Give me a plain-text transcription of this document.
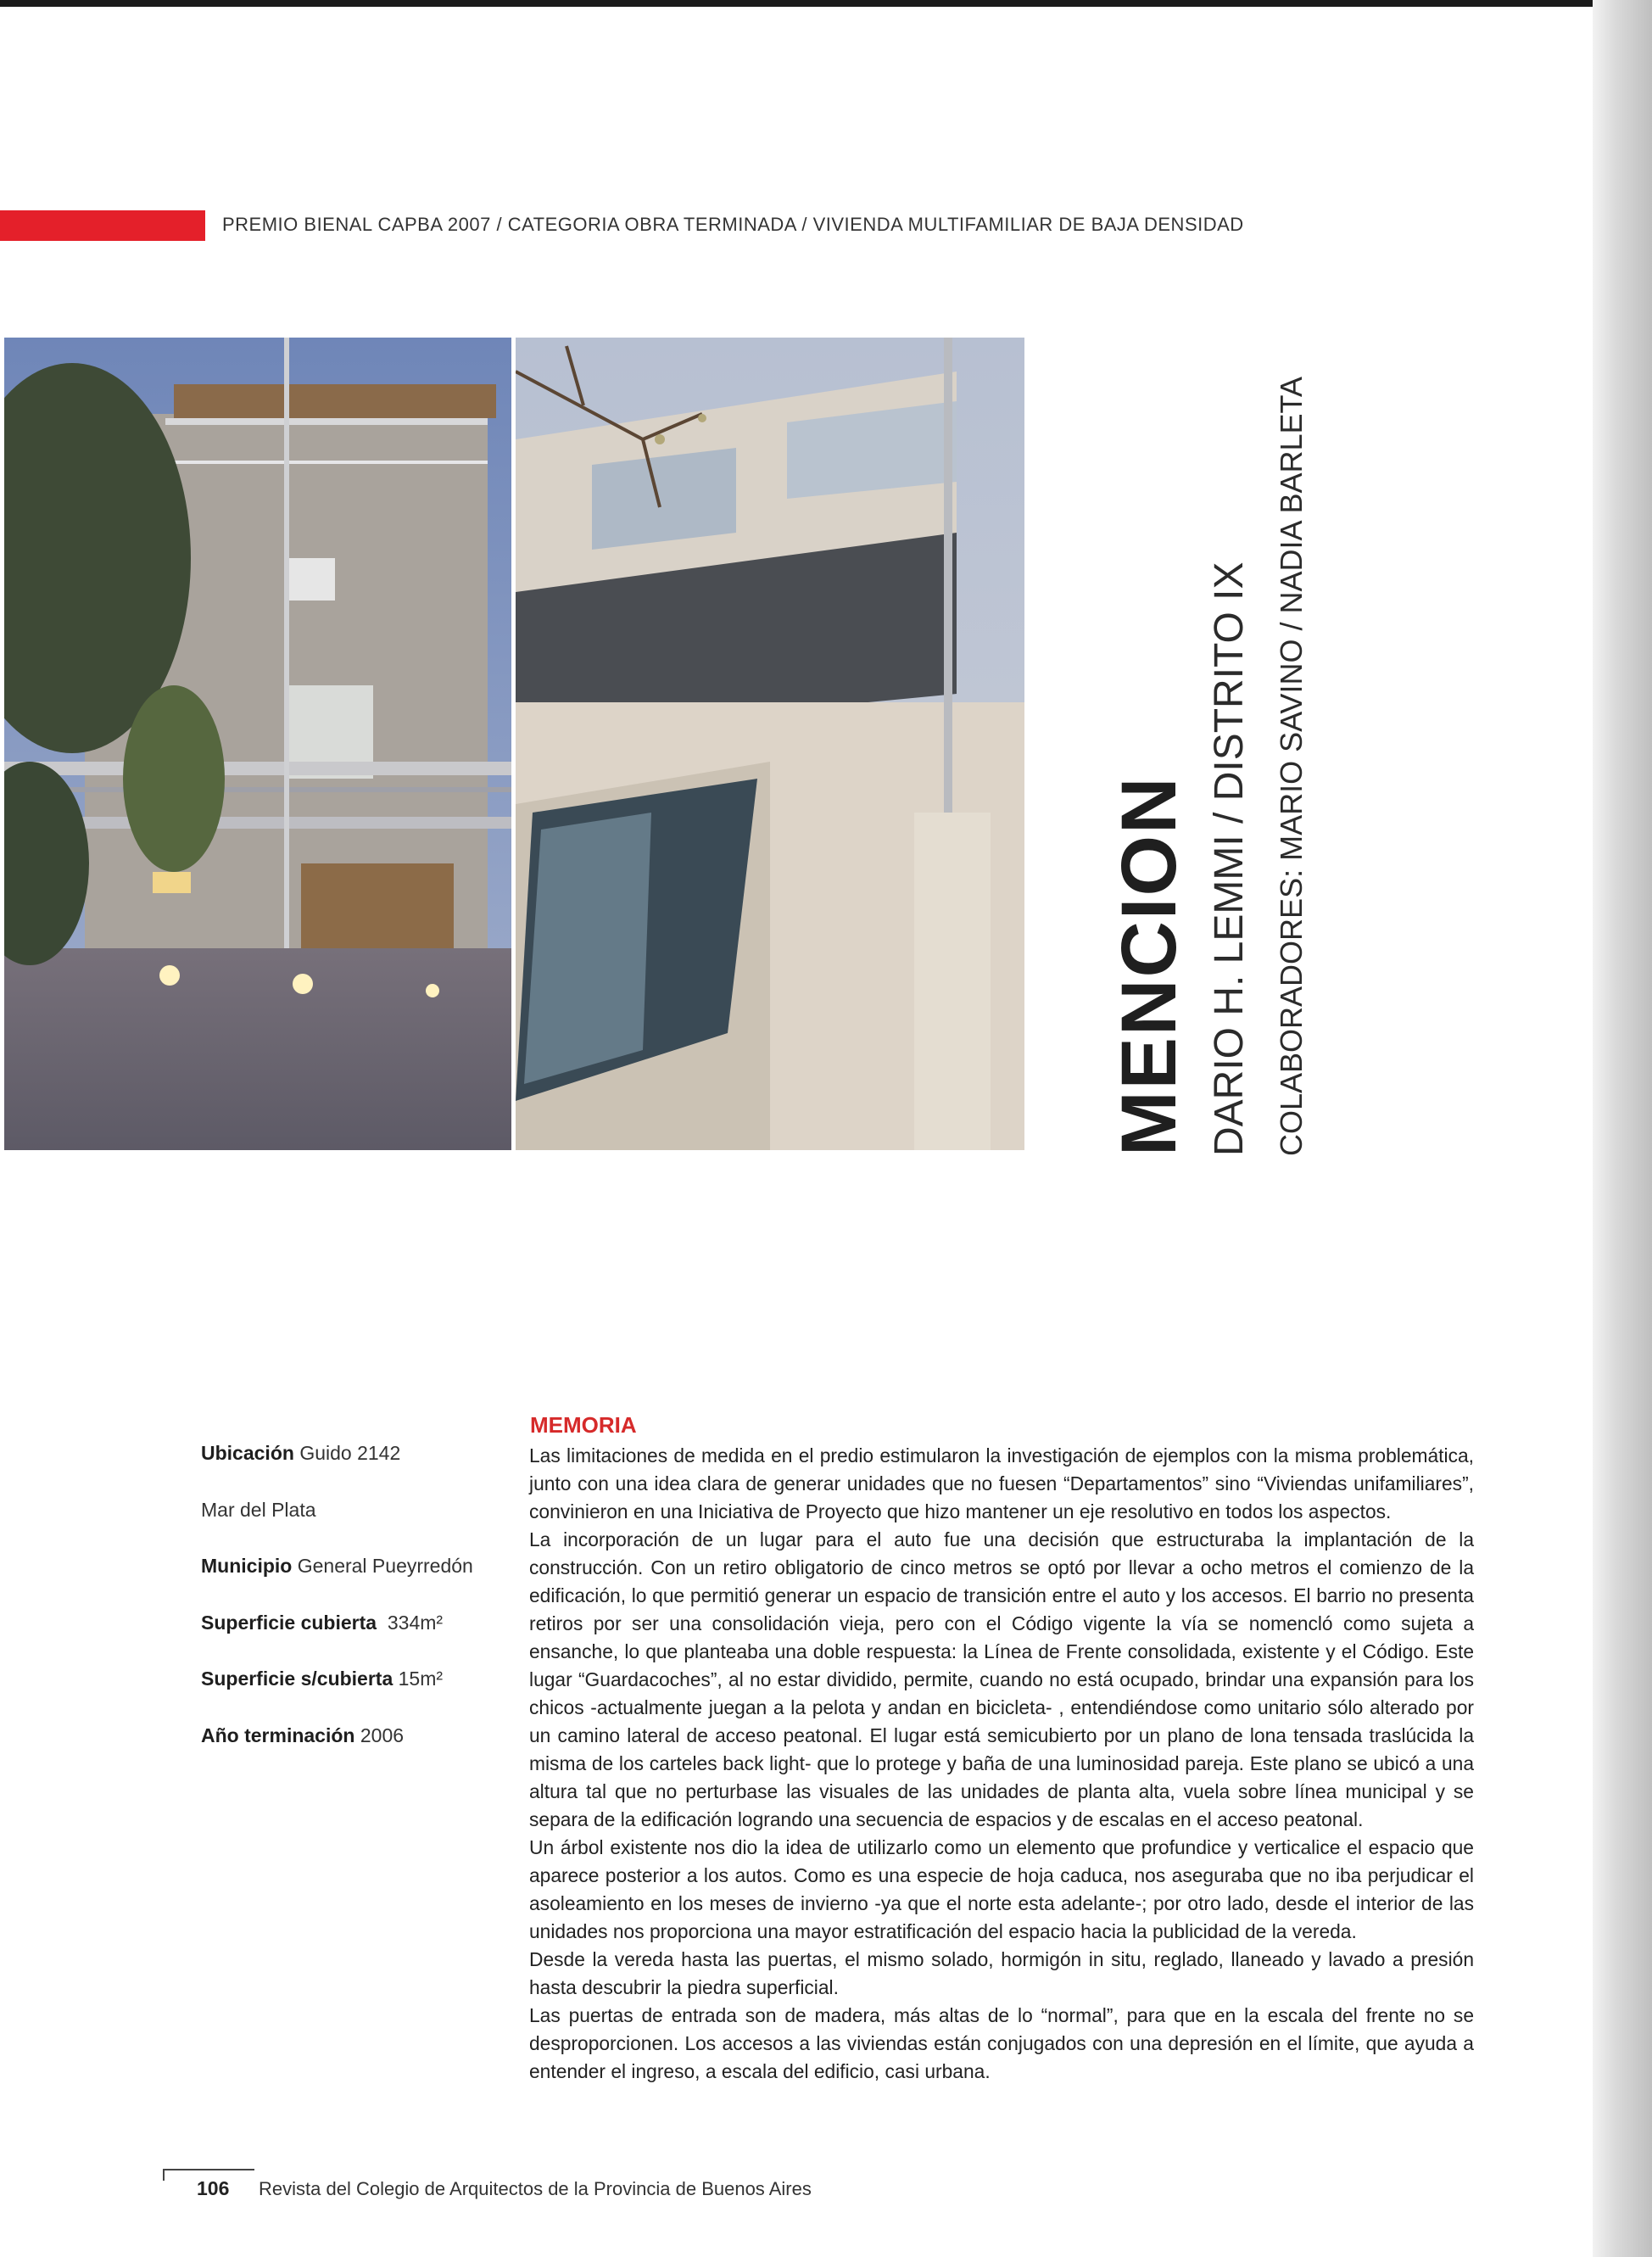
PREMIO BIENAL CAPBA 2007 / CATEGORIA OBRA TERMINADA / VIVIENDA MULTIFAMILIAR DE BAJA DENSIDAD
MENCION DARIO H. LEMMI / DISTRITO IX COLABORADORES: MARIO SAVINO / NADIA BARLETA
Ubicación Guido 2142
Mar del Plata
Municipio General Pueyrredón
Superficie cubierta 334m²
Superficie s/cubierta 15m²
Año terminación 2006
MEMORIA

Las limitaciones de medida en el predio estimularon la investigación de ejemplos con la misma problemática, junto con una idea clara de generar unidades que no fuesen “Departamentos” sino “Viviendas unifamiliares”, convinieron en una Iniciativa de Proyecto que hizo mantener un eje resolutivo en todos los aspectos.

La incorporación de un lugar para el auto fue una decisión que estructuraba la implantación de la construcción. Con un retiro obligatorio de cinco metros se optó por llevar a ocho metros el comienzo de la edificación, lo que permitió generar un espacio de transición entre el auto y los accesos. El barrio no presenta retiros por ser una consolidación vieja, pero con el Código vigente la vía se nomencló como sujeta a ensanche, lo que planteaba una doble respuesta: la Línea de Frente consolidada, existente y el Código. Este lugar “Guardacoches”, al no estar dividido, permite, cuando no está ocupado, brindar una expansión para los chicos -actualmente juegan a la pelota y andan en bicicleta- , entendiéndose como unitario sólo alterado por un camino lateral de acceso peatonal. El lugar está semicubierto por un plano de lona tensada traslúcida la misma de los carteles back light- que lo protege y baña de una luminosidad pareja. Este plano se ubicó a una altura tal que no perturbase las visuales de las unidades de planta alta, vuela sobre línea municipal y se separa de la edificación logrando una secuencia de espacios y de escalas en el acceso peatonal.

Un árbol existente nos dio la idea de utilizarlo como un elemento que profundice y verticalice el espacio que aparece posterior a los autos. Como es una especie de hoja caduca, nos aseguraba que no iba perjudicar el asoleamiento en los meses de invierno -ya que el norte esta adelante-; por otro lado, desde el interior de las unidades nos proporciona una mayor estratificación del espacio hacia la publicidad de la vereda.

Desde la vereda hasta las puertas, el mismo solado, hormigón in situ, reglado, llaneado y lavado a presión hasta descubrir la piedra superficial.

Las puertas de entrada son de madera, más altas de lo “normal”, para que en la escala del frente no se desproporcionen. Los accesos a las viviendas están conjugados con una depresión en el límite, que ayuda a entender el ingreso, a escala del edificio, casi urbana.

106 Revista del Colegio de Arquitectos de la Provincia de Buenos Aires
